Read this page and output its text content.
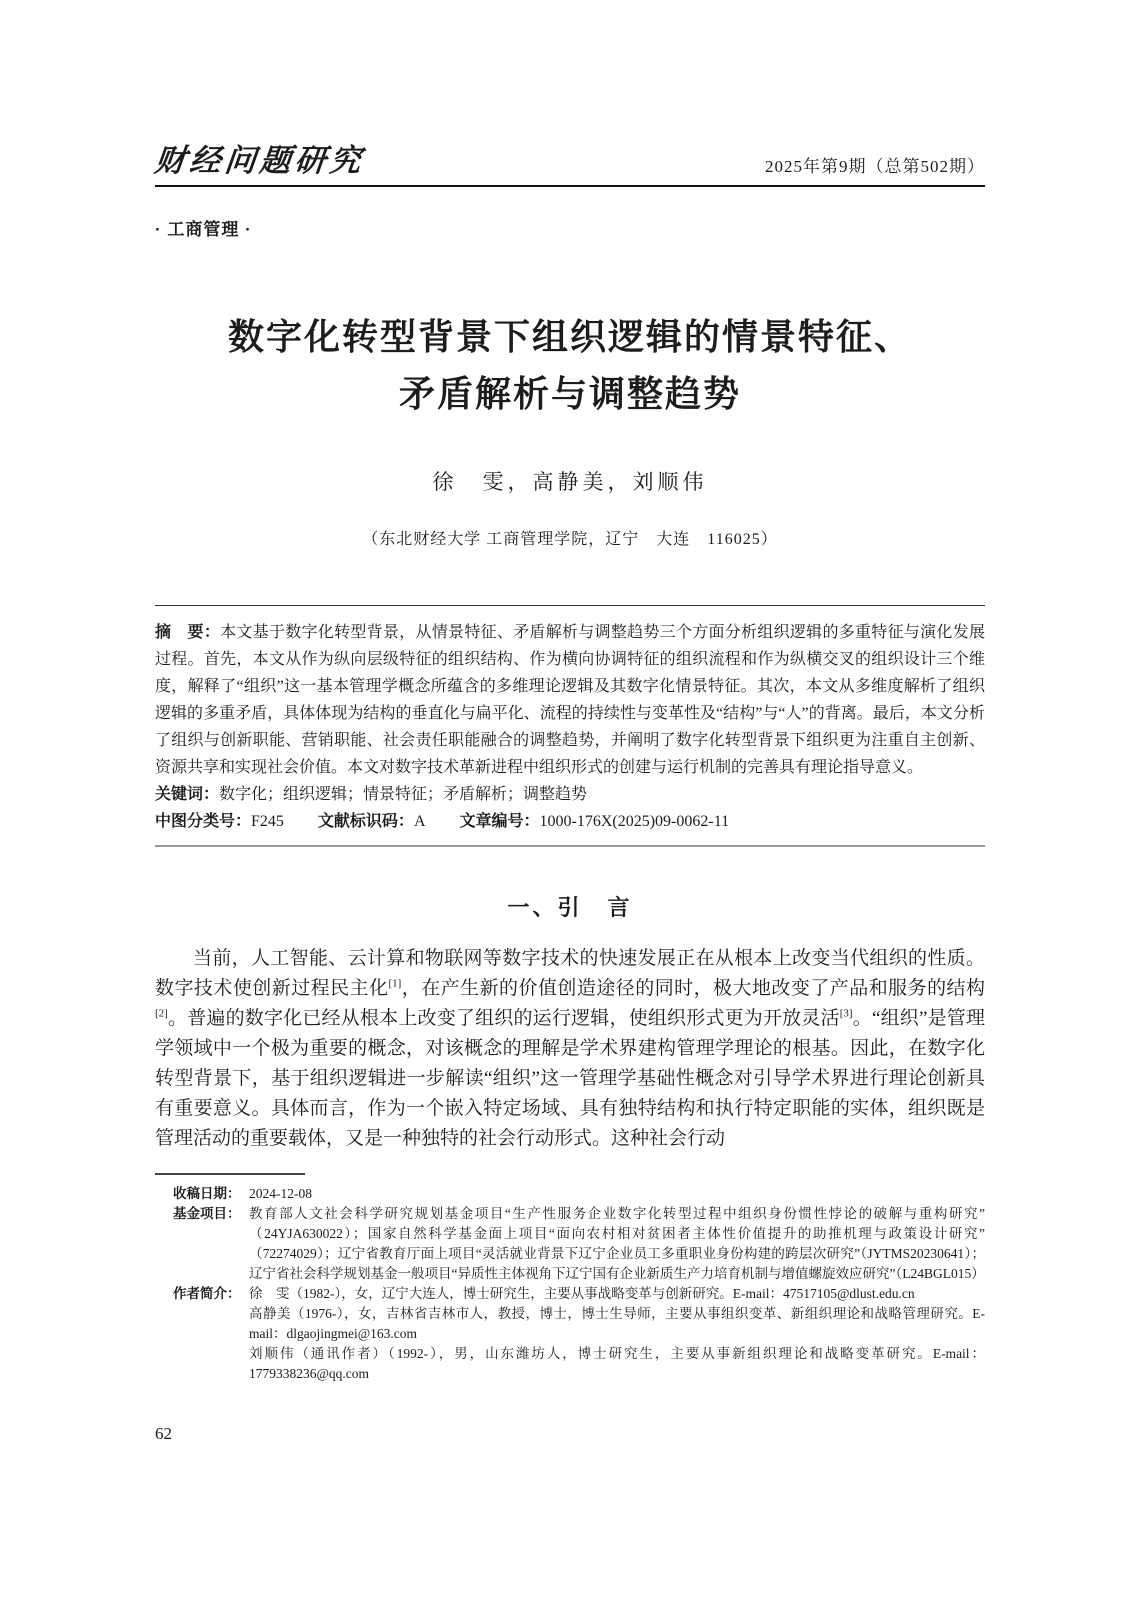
财经问题研究	2025年第9期（总第502期）
· 工商管理 ·
数字化转型背景下组织逻辑的情景特征、
矛盾解析与调整趋势
徐　雯，高静美，刘顺伟
（东北财经大学 工商管理学院，辽宁　大连　116025）

摘　要：本文基于数字化转型背景，从情景特征、矛盾解析与调整趋势三个方面分析组织逻辑的多重特征与演化发展过程。首先，本文从作为纵向层级特征的组织结构、作为横向协调特征的组织流程和作为纵横交叉的组织设计三个维度，解释了“组织”这一基本管理学概念所蕴含的多维理论逻辑及其数字化情景特征。其次，本文从多维度解析了组织逻辑的多重矛盾，具体体现为结构的垂直化与扁平化、流程的持续性与变革性及“结构”与“人”的背离。最后，本文分析了组织与创新职能、营销职能、社会责任职能融合的调整趋势，并阐明了数字化转型背景下组织更为注重自主创新、资源共享和实现社会价值。本文对数字技术革新进程中组织形式的创建与运行机制的完善具有理论指导意义。

关键词：数字化；组织逻辑；情景特征；矛盾解析；调整趋势

中图分类号：F245 文献标识码：A 文章编号：1000-176X(2025)09-0062-11

一、引　言

当前，人工智能、云计算和物联网等数字技术的快速发展正在从根本上改变当代组织的性质。数字技术使创新过程民主化[1]，在产生新的价值创造途径的同时，极大地改变了产品和服务的结构[2]。普遍的数字化已经从根本上改变了组织的运行逻辑，使组织形式更为开放灵活[3]。“组织”是管理学领域中一个极为重要的概念，对该概念的理解是学术界建构管理学理论的根基。因此，在数字化转型背景下，基于组织逻辑进一步解读“组织”这一管理学基础性概念对引导学术界进行理论创新具有重要意义。具体而言，作为一个嵌入特定场域、具有独特结构和执行特定职能的实体，组织既是管理活动的重要载体，又是一种独特的社会行动形式。这种社会行动

收稿日期： 2024-12-08
基金项目： 教育部人文社会科学研究规划基金项目“生产性服务企业数字化转型过程中组织身份惯性悖论的破解与重构研究”（24YJA630022）；国家自然科学基金面上项目“面向农村相对贫困者主体性价值提升的助推机理与政策设计研究”（72274029）；辽宁省教育厅面上项目“灵活就业背景下辽宁企业员工多重职业身份构建的跨层次研究”（JYTMS20230641）；辽宁省社会科学规划基金一般项目“异质性主体视角下辽宁国有企业新质生产力培育机制与增值螺旋效应研究”（L24BGL015）
作者简介： 徐　雯（1982-），女，辽宁大连人，博士研究生，主要从事战略变革与创新研究。E-mail：47517105@dlust.edu.cn
高静美（1976-），女，吉林省吉林市人，教授，博士，博士生导师，主要从事组织变革、新组织理论和战略管理研究。E-mail：dlgaojingmei@163.com
刘顺伟（通讯作者）（1992-），男，山东潍坊人，博士研究生，主要从事新组织理论和战略变革研究。E-mail：1779338236@qq.com
62
